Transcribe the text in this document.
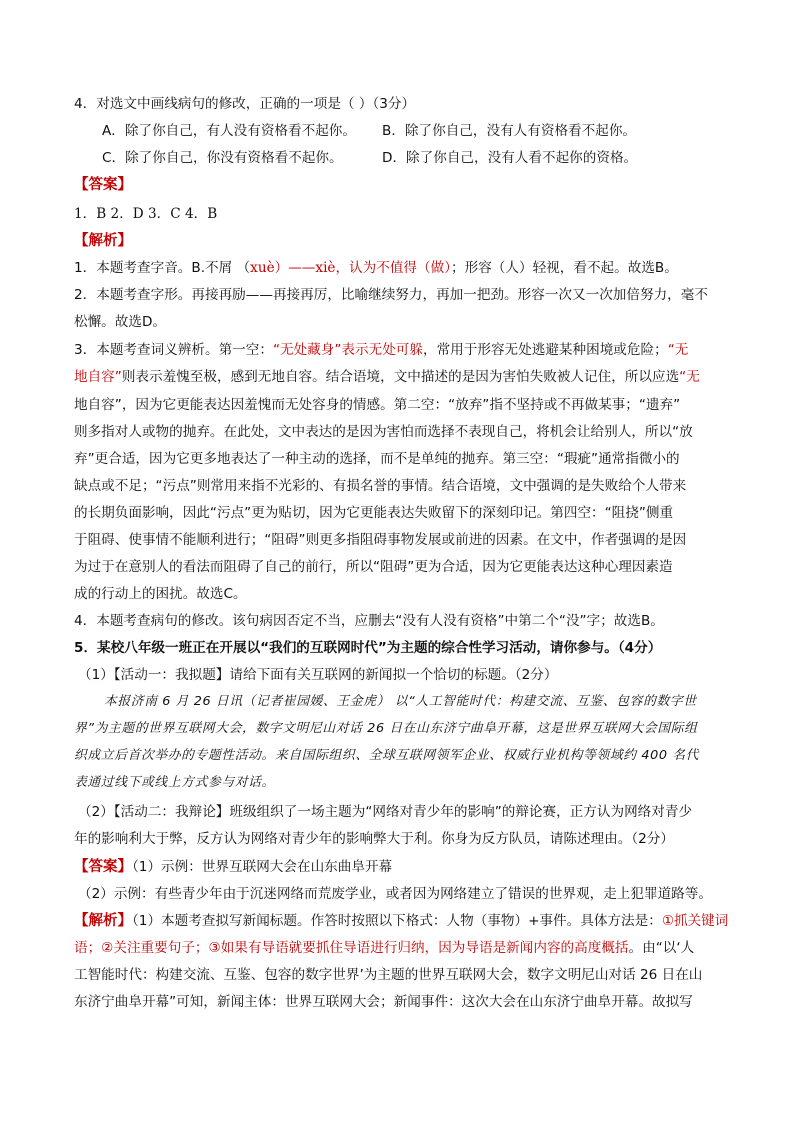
4．对选文中画线病句的修改，正确的一项是（ ）（3分）
A．除了你自己，有人没有资格看不起你。 B．除了你自己，没有人有资格看不起你。
C．除了你自己，你没有资格看不起你。	D．除了你自己，没有人看不起你的资格。
【答案】
1．B 2．D 3．C 4．B
【解析】
1．本题考查字音。B.不屑 （xuè）——xiè，认为不值得（做）；形容（人）轻视，看不起。故选B。
2．本题考查字形。再接再励——再接再厉，比喻继续努力，再加一把劲。形容一次又一次加倍努力，毫不
松懈。故选D。
3．本题考查词义辨析。第一空：“无处藏身”表示无处可躲，常用于形容无处逃避某种困境或危险；“无
地自容”则表示羞愧至极，感到无地自容。结合语境，文中描述的是因为害怕失败被人记住，所以应选“无
地自容”，因为它更能表达因羞愧而无处容身的情感。第二空：“放弃”指不坚持或不再做某事；“遗弃”
则多指对人或物的抛弃。在此处，文中表达的是因为害怕而选择不表现自己，将机会让给别人，所以“放
弃”更合适，因为它更多地表达了一种主动的选择，而不是单纯的抛弃。第三空：“瑕疵”通常指微小的
缺点或不足；“污点”则常用来指不光彩的、有损名誉的事情。结合语境，文中强调的是失败给个人带来
的长期负面影响，因此“污点”更为贴切，因为它更能表达失败留下的深刻印记。第四空：“阻挠”侧重
于阻碍、使事情不能顺利进行；“阻碍”则更多指阻碍事物发展或前进的因素。在文中，作者强调的是因
为过于在意别人的看法而阻碍了自己的前行，所以“阻碍”更为合适，因为它更能表达这种心理因素造
成的行动上的困扰。故选C。
4．本题考查病句的修改。该句病因否定不当，应删去“没有人没有资格”中第二个“没”字；故选B。
5．某校八年级一班正在开展以“我们的互联网时代”为主题的综合性学习活动，请你参与。（4分）
（1）【活动一：我拟题】请给下面有关互联网的新闻拟一个恰切的标题。（2分）
本报济南 6 月 26 日讯（记者崔园媛、王金虎） 以“人工智能时代：构建交流、互鉴、包容的数字世
界”为主题的世界互联网大会，数字文明尼山对话 26 日在山东济宁曲阜开幕，这是世界互联网大会国际组
织成立后首次举办的专题性活动。来自国际组织、全球互联网领军企业、权威行业机构等领域约 400 名代
表通过线下或线上方式参与对话。
（2）【活动二：我辩论】班级组织了一场主题为“网络对青少年的影响”的辩论赛，正方认为网络对青少
年的影响利大于弊，反方认为网络对青少年的影响弊大于利。你身为反方队员，请陈述理由。（2分）
【答案】（1）示例：世界互联网大会在山东曲阜开幕
（2）示例：有些青少年由于沉迷网络而荒废学业，或者因为网络建立了错误的世界观，走上犯罪道路等。
【解析】（1）本题考查拟写新闻标题。作答时按照以下格式：人物（事物）+事件。具体方法是：①抓关键词
语；②关注重要句子；③如果有导语就要抓住导语进行归纳，因为导语是新闻内容的高度概括。由“以‘人
工智能时代：构建交流、互鉴、包容的数字世界’为主题的世界互联网大会，数字文明尼山对话 26 日在山
东济宁曲阜开幕”可知，新闻主体：世界互联网大会；新闻事件：这次大会在山东济宁曲阜开幕。故拟写
